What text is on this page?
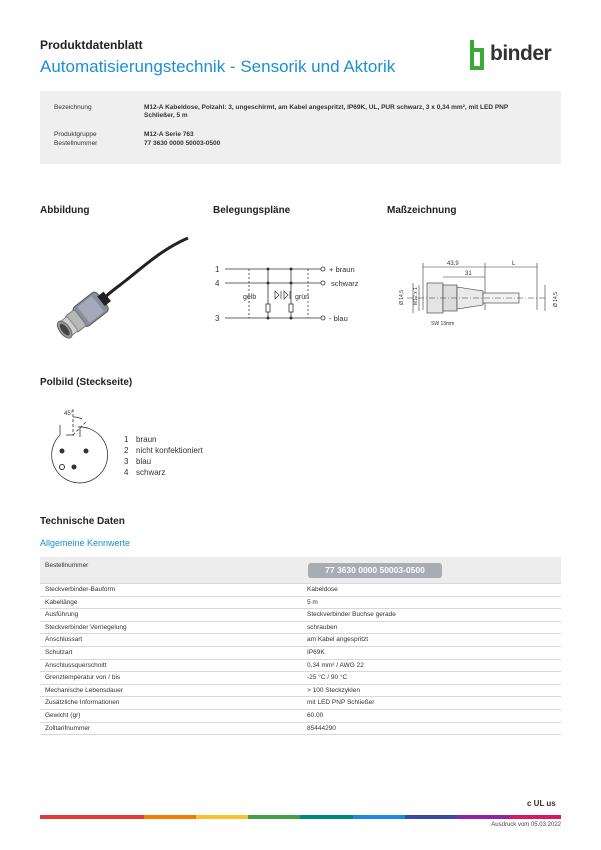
Produktdatenblatt
Automatisierungstechnik - Sensorik und Aktorik
binder
Bezeichnung	M12-A Kabeldose, Polzahl: 3, ungeschirmt, am Kabel angespritzt, IP69K, UL, PUR schwarz, 3 x 0,34 mm², mit LED PNP Schließer, 5 m
Produktgruppe	M12-A Serie 763
Bestellnummer	77 3630 0000 50003-0500
Abbildung	Belegungspläne	Maßzeichnung
1
4
3
+ braun
schwarz
- blau
gelb	grün
43,9
31
L
Ø 14,5 M12 x 1	Ø 14,5
SW 13mm
Polbild (Steckseite)
45°
1 braun
2 nicht konfektioniert
3 blau
4 schwarz
Technische Daten
Allgemeine Kennwerte
Bestellnummer	77 3630 0000 50003-0500
Steckverbinder-Bauform	Kabeldose
Kabellänge	5 m
Ausführung	Steckverbinder Buchse gerade
Steckverbinder Verriegelung	schrauben
Anschlussart	am Kabel angespritzt
Schutzart	IP69K
Anschlussquerschnitt	0,34 mm² / AWG 22
Grenztemperatur von / bis	-25 °C / 90 °C
Mechanische Lebensdauer	> 100 Steckzyklen
Zusätzliche Informationen	mit LED PNP Schließer
Gewicht (gr)	60.00
Zolltarifnummer	85444290
c UL us
Ausdruck vom 05.03.2022
